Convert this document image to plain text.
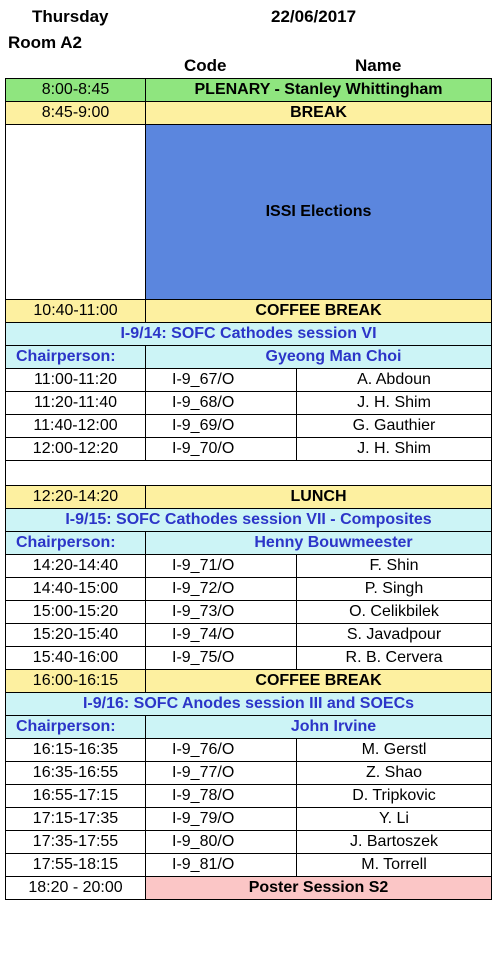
Thursday	22/06/2017
Room A2
Code	Name
8:00-8:45	PLENARY - Stanley Whittingham	
8:45-9:00	BREAK	
	ISSI Elections	
10:40-11:00	COFFEE BREAK	
I-9/14: SOFC Cathodes session VI		
Chairperson:	Gyeong Man Choi	
11:00-11:20	I-9_67/O	A. Abdoun
11:20-11:40	I-9_68/O	J. H. Shim
11:40-12:00	I-9_69/O	G. Gauthier
12:00-12:20	I-9_70/O	J. H. Shim

12:20-14:20	LUNCH	
I-9/15: SOFC Cathodes session VII - Composites		
Chairperson:	Henny Bouwmeester	
14:20-14:40	I-9_71/O	F. Shin
14:40-15:00	I-9_72/O	P. Singh
15:00-15:20	I-9_73/O	O. Celikbilek
15:20-15:40	I-9_74/O	S. Javadpour
15:40-16:00	I-9_75/O	R. B. Cervera
16:00-16:15	COFFEE BREAK	
I-9/16: SOFC Anodes session III and SOECs		
Chairperson:	John Irvine	
16:15-16:35	I-9_76/O	M. Gerstl
16:35-16:55	I-9_77/O	Z. Shao
16:55-17:15	I-9_78/O	D. Tripkovic
17:15-17:35	I-9_79/O	Y. Li
17:35-17:55	I-9_80/O	J. Bartoszek
17:55-18:15	I-9_81/O	M. Torrell
18:20 - 20:00	Poster Session S2	
